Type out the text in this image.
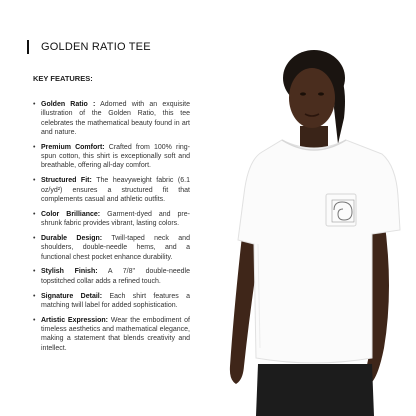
GOLDEN RATIO TEE
KEY FEATURES:
• Golden Ratio : Adorned with an exquisite illustration of the Golden Ratio, this tee celebrates the mathematical beauty found in art and nature.
• Premium Comfort: Crafted from 100% ring-spun cotton, this shirt is exceptionally soft and breathable, offering all-day comfort.
• Structured Fit: The heavyweight fabric (6.1 oz/yd²) ensures a structured fit that complements casual and athletic outfits.
• Color Brilliance: Garment-dyed and pre-shrunk fabric provides vibrant, lasting colors.
• Durable Design: Twill-taped neck and shoulders, double-needle hems, and a functional chest pocket enhance durability.
• Stylish Finish: A 7/8" double-needle topstitched collar adds a refined touch.
• Signature Detail: Each shirt features a matching twill label for added sophistication.
• Artistic Expression: Wear the embodiment of timeless aesthetics and mathematical elegance, making a statement that blends creativity and intellect.
